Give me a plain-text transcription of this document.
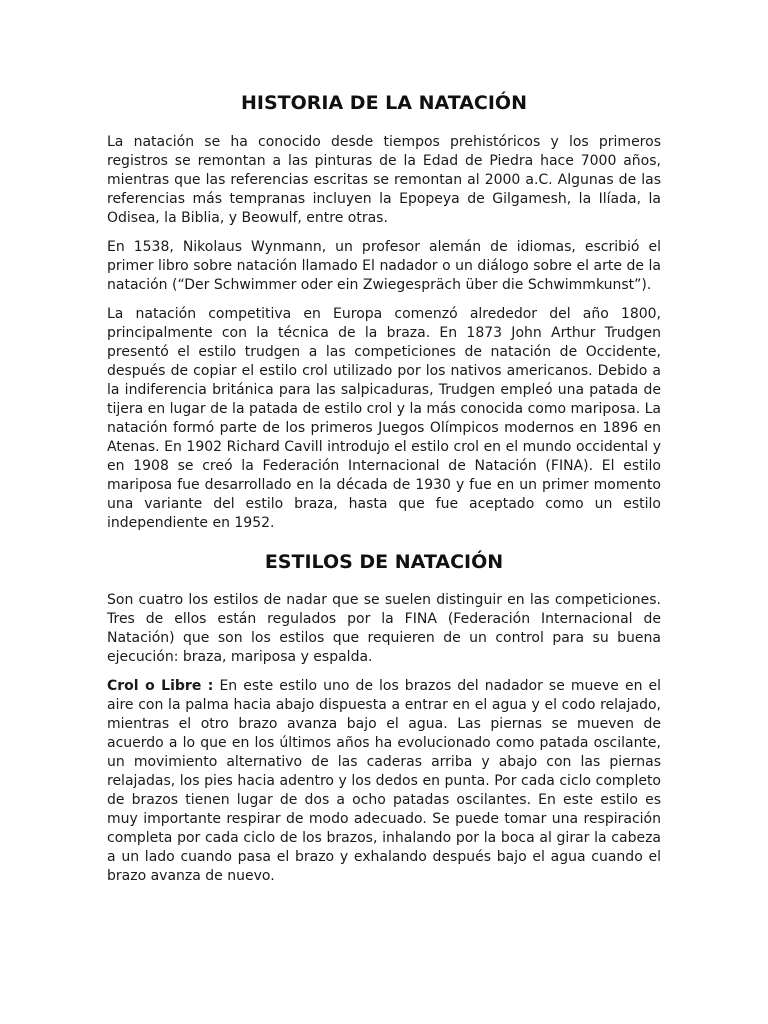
HISTORIA DE LA NATACIÓN

La natación se ha conocido desde tiempos prehistóricos y los primeros registros se remontan a las pinturas de la Edad de Piedra hace 7000 años, mientras que las referencias escritas se remontan al 2000 a.C. Algunas de las referencias más tempranas incluyen la Epopeya de Gilgamesh, la Ilíada, la Odisea, la Biblia, y Beowulf, entre otras.

En 1538, Nikolaus Wynmann, un profesor alemán de idiomas, escribió el primer libro sobre natación llamado El nadador o un diálogo sobre el arte de la natación (“Der Schwimmer oder ein Zwiegespräch über die Schwimmkunst”).

La natación competitiva en Europa comenzó alrededor del año 1800, principalmente con la técnica de la braza. En 1873 John Arthur Trudgen presentó el estilo trudgen a las competiciones de natación de Occidente, después de copiar el estilo crol utilizado por los nativos americanos. Debido a la indiferencia británica para las salpicaduras, Trudgen empleó una patada de tijera en lugar de la patada de estilo crol y la más conocida como mariposa. La natación formó parte de los primeros Juegos Olímpicos modernos en 1896 en Atenas. En 1902 Richard Cavill introdujo el estilo crol en el mundo occidental y en 1908 se creó la Federación Internacional de Natación (FINA). El estilo mariposa fue desarrollado en la década de 1930 y fue en un primer momento una variante del estilo braza, hasta que fue aceptado como un estilo independiente en 1952.

ESTILOS DE NATACIÓN

Son cuatro los estilos de nadar que se suelen distinguir en las competiciones. Tres de ellos están regulados por la FINA (Federación Internacional de Natación) que son los estilos que requieren de un control para su buena ejecución: braza, mariposa y espalda.

Crol o Libre : En este estilo uno de los brazos del nadador se mueve en el aire con la palma hacia abajo dispuesta a entrar en el agua y el codo relajado, mientras el otro brazo avanza bajo el agua. Las piernas se mueven de acuerdo a lo que en los últimos años ha evolucionado como patada oscilante, un movimiento alternativo de las caderas arriba y abajo con las piernas relajadas, los pies hacia adentro y los dedos en punta. Por cada ciclo completo de brazos tienen lugar de dos a ocho patadas oscilantes. En este estilo es muy importante respirar de modo adecuado. Se puede tomar una respiración completa por cada ciclo de los brazos, inhalando por la boca al girar la cabeza a un lado cuando pasa el brazo y exhalando después bajo el agua cuando el brazo avanza de nuevo.
